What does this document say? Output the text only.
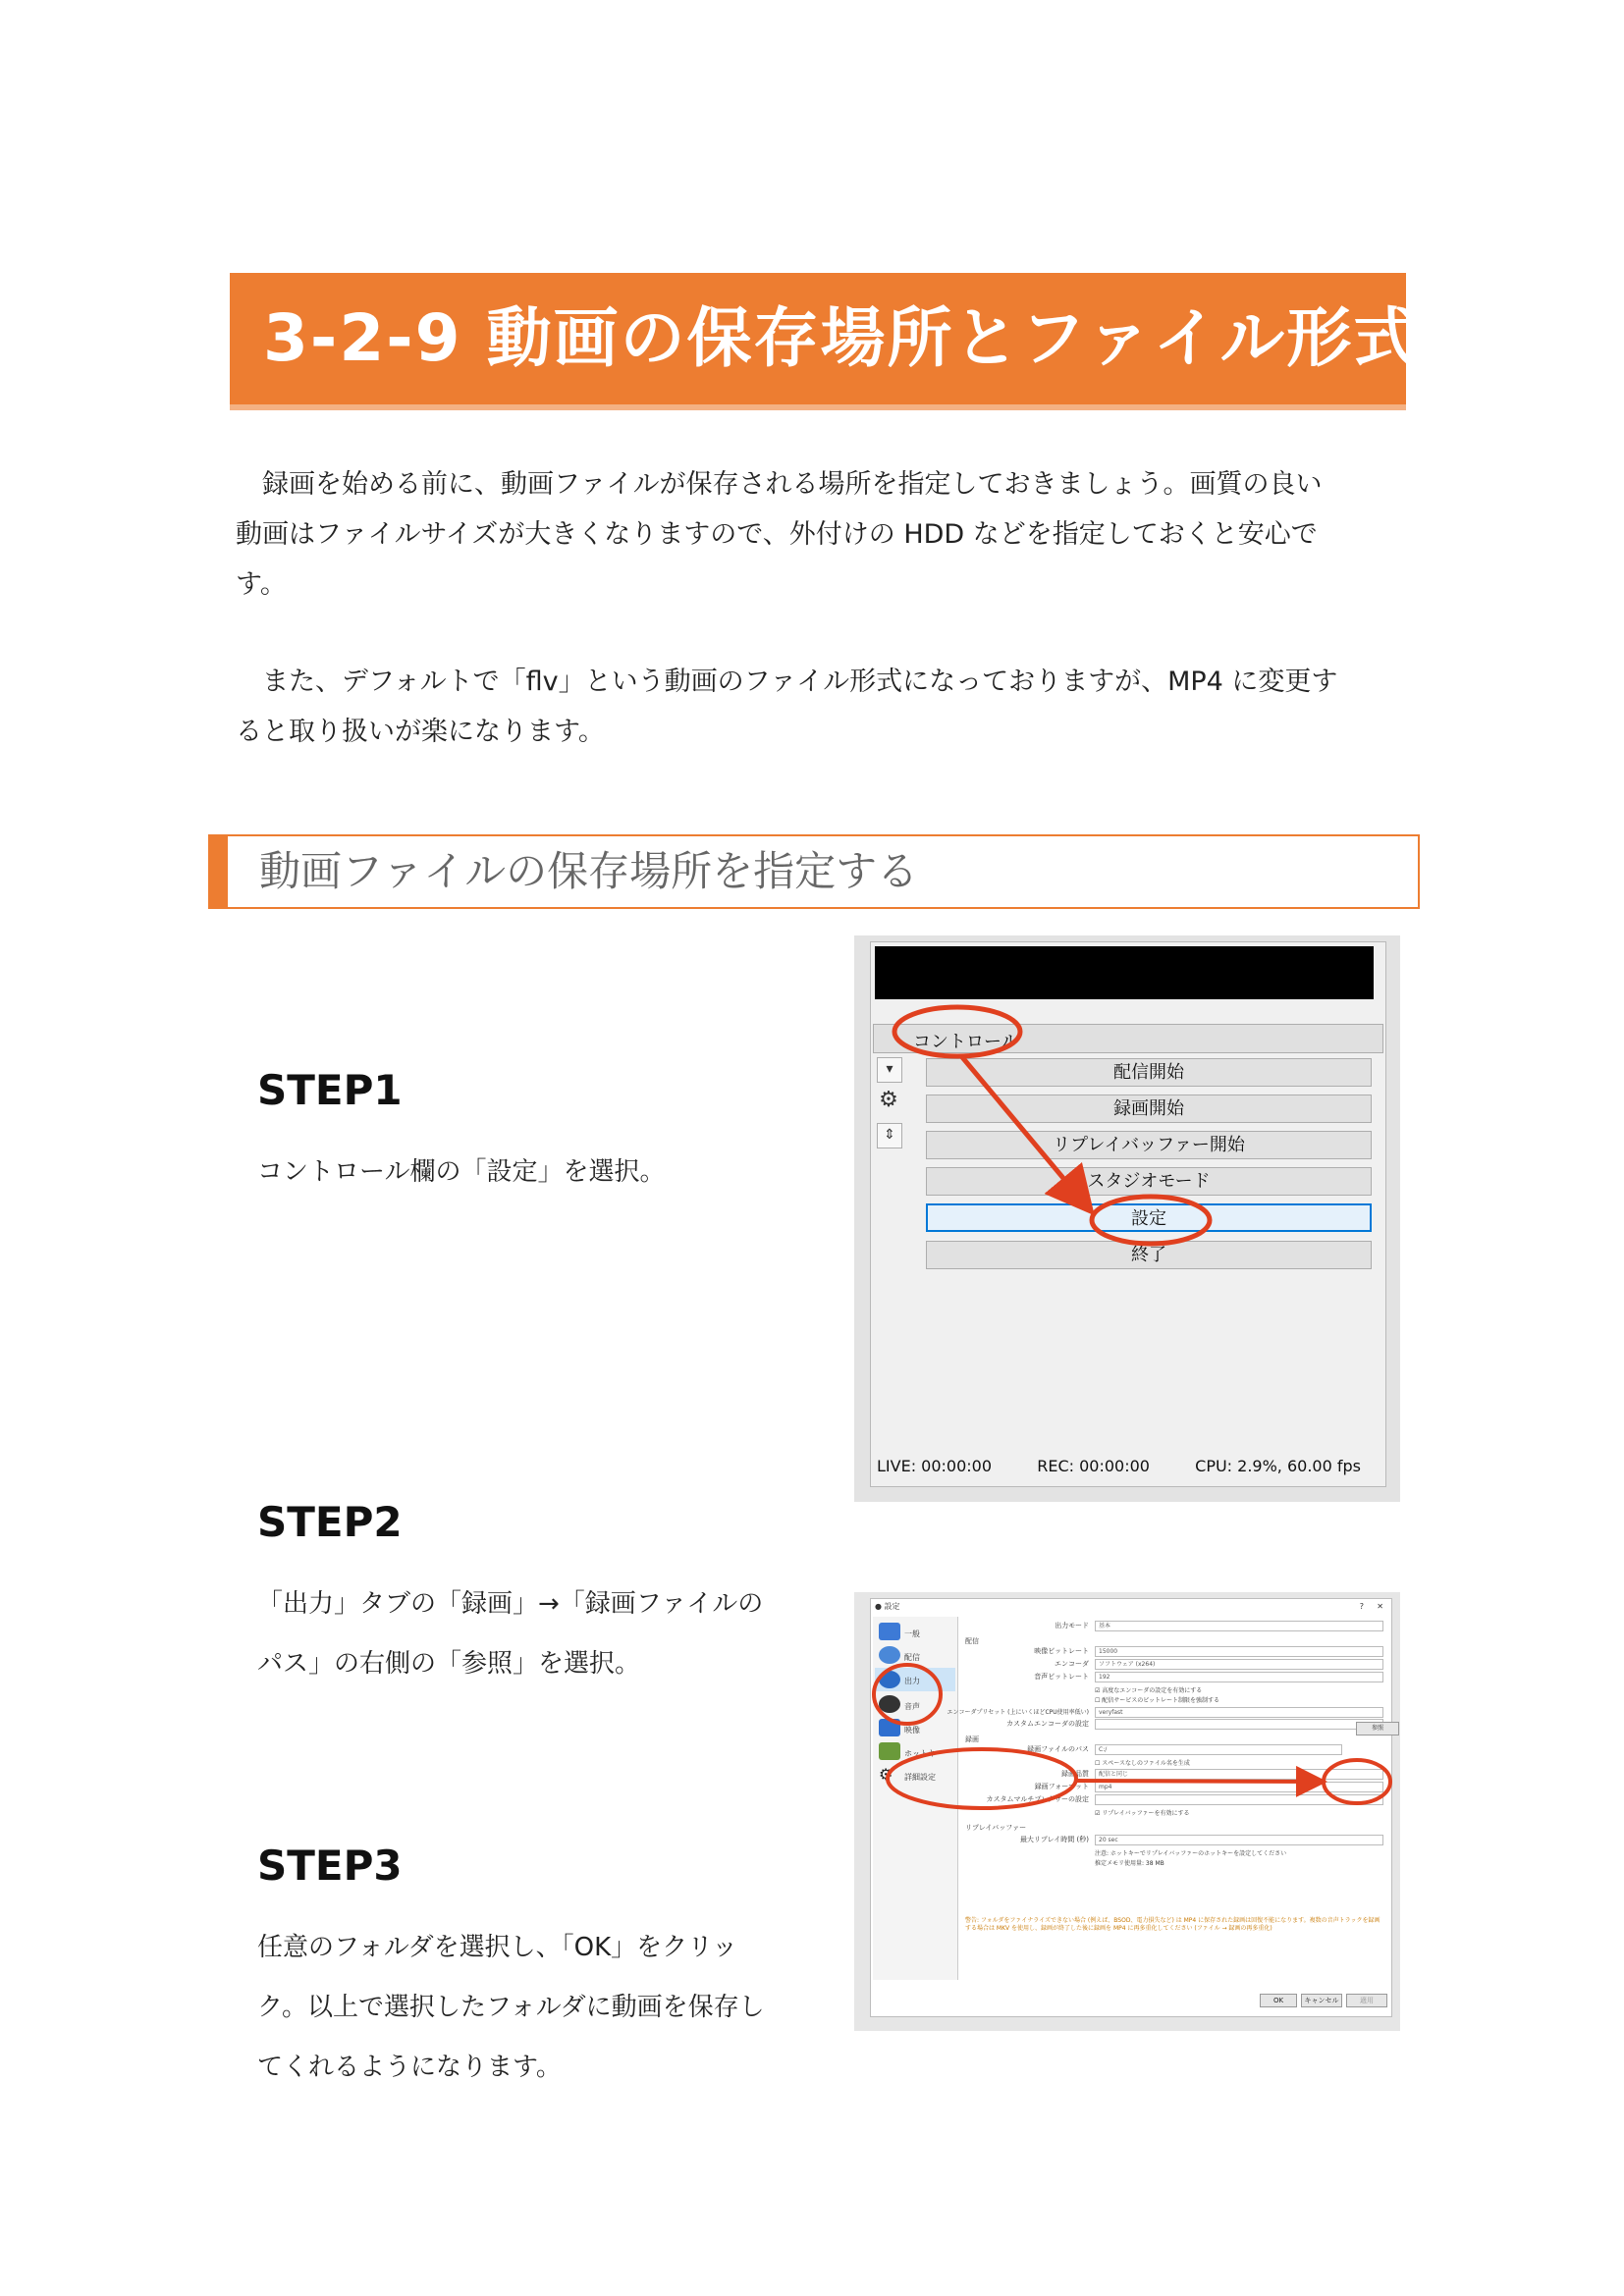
3-2-9 動画の保存場所とファイル形式

　録画を始める前に、動画ファイルが保存される場所を指定しておきましょう。画質の良い

動画はファイルサイズが大きくなりますので、外付けの HDD などを指定しておくと安心で

す。

　また、デフォルトで「flv」という動画のファイル形式になっておりますが、MP4 に変更す

ると取り扱いが楽になります。

動画ファイルの保存場所を指定する
STEP1

コントロール欄の「設定」を選択。

STEP2

「出力」タブの「録画」→「録画ファイルの

パス」の右側の「参照」を選択。

STEP3

任意のフォルダを選択し、「OK」をクリッ

ク。以上で選択したフォルダに動画を保存し

てくれるようになります。

コントロール
▾
⚙
⇕
配信開始
録画開始
リプレイバッファー開始
スタジオモード
設定
終了
LIVE: 00:00:00	REC: 00:00:00	CPU: 2.9%, 60.00 fps
● 設定	? ✕
一般
配信
出力
音声
映像
ホットキー
⚙	詳細設定
出力モード 基本
配信
映像ビットレート 15000
エンコーダ ソフトウェア (x264)
音声ビットレート 192
☑ 高度なエンコーダの設定を有効にする
☐ 配信サービスのビットレート制限を強制する
エンコーダプリセット (上にいくほどCPU使用率低い) veryfast
カスタムエンコーダの設定
録画
録画ファイルのパス C:/
☐ スペースなしのファイル名を生成
録画品質 配信と同じ
録画フォーマット mp4
カスタムマルチプレクサーの設定
☑ リプレイバッファーを有効にする
リプレイバッファー
最大リプレイ時間 (秒) 20 sec
注意: ホットキーでリプレイバッファーのホットキーを設定してください
推定メモリ使用量: 38 MB
警告: フォルダをファイナライズできない場合 (例えば、BSOD、電力損失など) は MP4 に保存された録画は回復不能になります。複数の音声トラックを録画する場合は MKV を使用し、録画が終了した後に録画を MP4 に再多重化してください (ファイル → 録画の再多重化)
参照
OK	キャンセル	適用
